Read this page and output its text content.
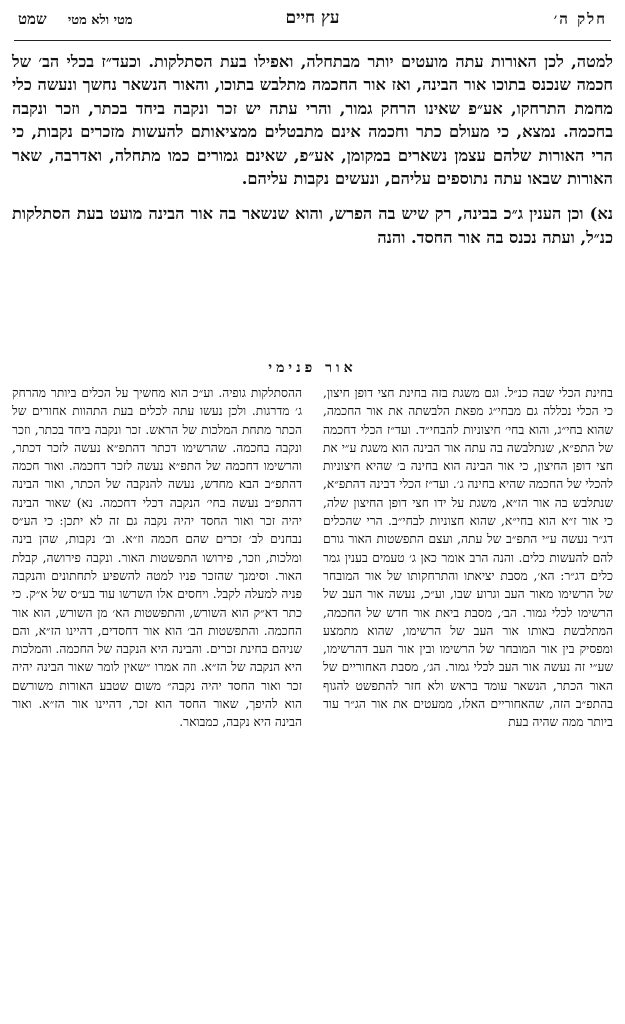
חלק ה׳
עץ חיים
מטי ולא מטי שמט

למטה, לכן האורות עתה מועטים יותר מבתחלה, ואפילו בעת הסתלקות. וכעד״ז בכלי הב׳ של חכמה שנכנס בתוכו אור הבינה, ואז אור החכמה מתלבש בתוכו, והאור הנשאר נחשך ונעשה כלי מחמת התרחקו, אע״פ שאינו הרחק גמור, והרי עתה יש זכר ונקבה ביחד בכתר, וזכר ונקבה בחכמה. נמצא, כי מעולם כתר וחכמה אינם מתבטלים ממציאותם להעשות מזכרים נקבות, כי הרי האורות שלהם עצמן נשארים במקומן, אע״פ, שאינם גמורים כמו מתחלה, ואדרבה, שאר האורות שבאו עתה נתוספים עליהם, ונעשים נקבות עליהם.

נא) וכן הענין ג״כ בבינה, רק שיש בה הפרש, והוא שנשאר בה אור הבינה מועט בעת הסתלקות כנ״ל, ועתה נכנס בה אור החסד. והנה

אור פנימי

בחינת הכלי שבה כנ״ל. וגם משגת בזה בחינת חצי דופן חיצון, כי הכלי נכללה גם מבחי״ג מפאת הלבשתה את אור החכמה, שהוא בחי״ג, והוא בחי׳ חיצוניות להבחי״ד. ועד״ז הכלי דחכמה של התפ״א, שנתלבשה בה עתה אור הבינה הוא משגת ע״י את חצי דופן החיצון, כי אור הבינה הוא בחינה ב׳ שהיא חיצוניות להכלי של החכמה שהיא בחינה ג׳. ועד״ז הכלי דבינה דהתפ״א, שנתלבש בה אור הז״א, משגת על ידו חצי דופן החיצון שלה, כי אור ז״א הוא בחי״א, שהוא חצוניות לבחי״ב. הרי שהכלים דג״ר נעשה ע״י התפ״ב של עתה, ועצם התפשטות האור גורם להם להעשות כלים. והנה הרב אומר כאן ג׳ טעמים בענין גמר כלים דג״ר: הא׳, מסבת יציאתו והתרחקותו של אור המובחר של הרשימו מאור העב וגרוע שבו, וע״כ, נעשה אור העב של הרשימו לכלי גמור. הב׳, מסבת ביאת אור חדש של החכמה, המתלבשת באותו אור העב של הרשימו, שהוא מתמצע ומפסיק בין אור המובחר של הרשימו ובין אור העב דהרשימו, שע״י זה נעשה אור העב לכלי גמור. הג׳, מסבת האחוריים של האור הכתר, הנשאר עומד בראש ולא חזר להתפשט להגוף בהתפ״ב הזה, שהאחוריים האלו, ממעטים את אור הג״ר עוד ביותר ממה שהיה בעת

ההסתלקות גופיה. וע״כ הוא מחשיך על הכלים ביותר מהרחק ג׳ מדרגות. ולכן נעשו עתה לכלים בעת התהוות אחורים של הכתר מתחת המלכות של הראש. זכר ונקבה ביחד בכתר, וזכר ונקבה בחכמה. שהרשימו דכתר דהתפ״א נעשה לזכר דכתר, והרשימו דחכמה של התפ״א נעשה לזכר דחכמה. ואור חכמה דהתפ״ב הבא מחדש, נעשה להנקבה של הכתר, ואור הבינה דהתפ״ב נעשה בחי׳ הנקבה דכלי דחכמה. נא) שאור הבינה יהיה זכר ואור החסד יהיה נקבה גם זה לא יתכן: כי הע״ס נבחנים לב׳ זכרים שהם חכמה וז״א. וב׳ נקבות, שהן בינה ומלכות, וזכר, פירושו התפשטות האור. ונקבה פירושה, קבלת האור. וסימנך שהזכר פניו למטה להשפיע לתחתונים והנקבה פניה למעלה לקבל. ויחסים אלו השרשו עוד בע״ס של א״ק. כי כתר דא״ק הוא השורש, והתפשטות הא׳ מן השורש, הוא אור החכמה. והתפשטות הב׳ הוא אור דחסדים, דהיינו הז״א, והם שניהם בחינת זכרים. והבינה היא הנקבה של החכמה. והמלכות היא הנקבה של הז״א. וזה אמרו ״שאין לומר שאור הבינה יהיה זכר ואור החסד יהיה נקבה״ משום שטבע האורות משורשם הוא להיפך, שאור החסד הוא זכר, דהיינו אור הז״א. ואור הבינה היא נקבה, כמבואר.
